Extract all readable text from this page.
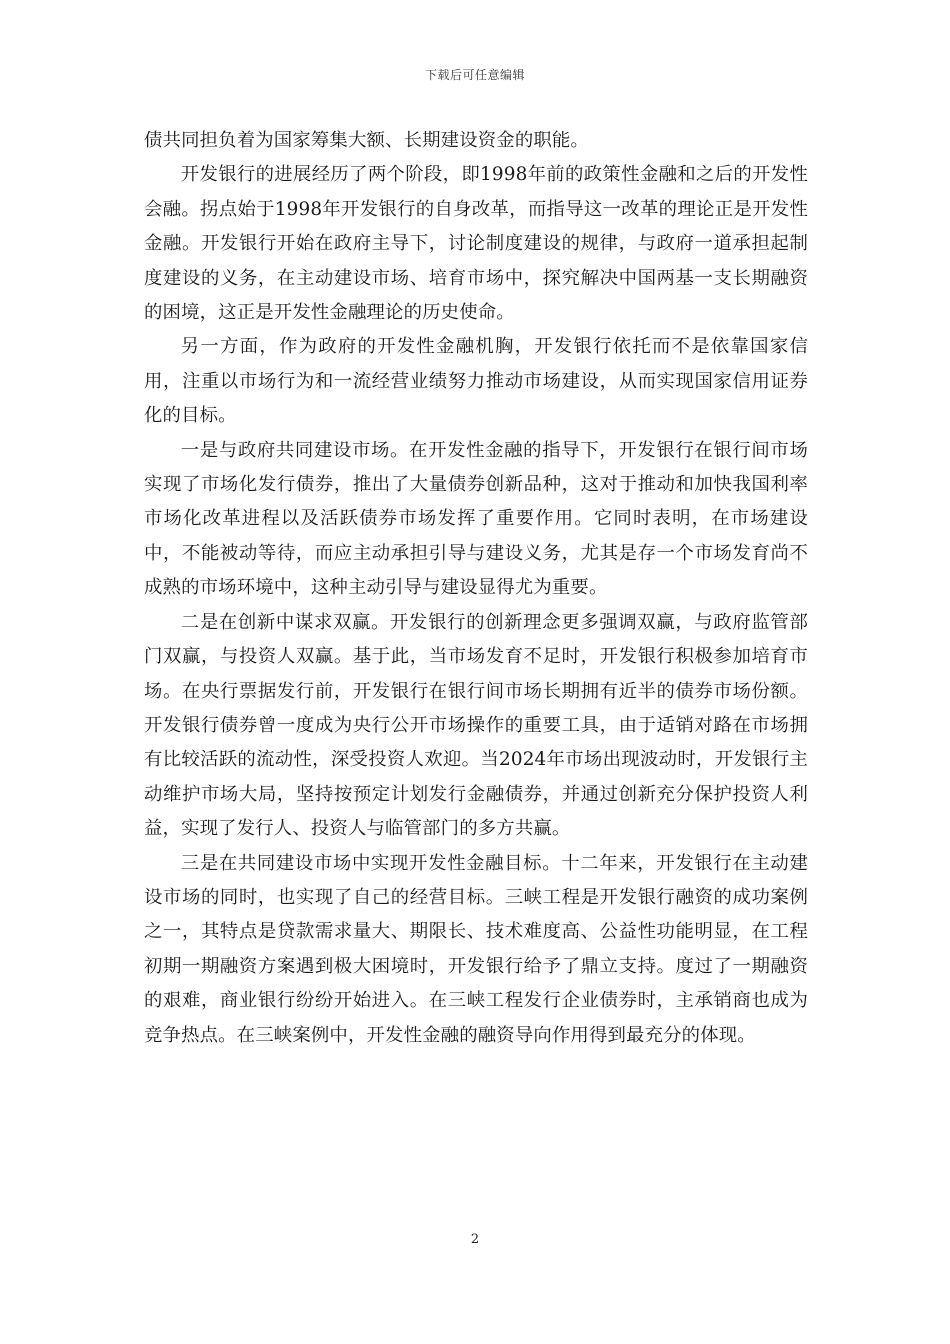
下载后可任意编辑

债共同担负着为国家筹集大额、长期建设资金的职能。

开发银行的进展经历了两个阶段，即1998年前的政策性金融和之后的开发性会融。拐点始于1998年开发银行的自身改革，而指导这一改革的理论正是开发性金融。开发银行开始在政府主导下，讨论制度建设的规律，与政府一道承担起制度建设的义务，在主动建设市场、培育市场中，探究解决中国两基一支长期融资的困境，这正是开发性金融理论的历史使命。

另一方面，作为政府的开发性金融机胸，开发银行依托而不是依靠国家信用，注重以市场行为和一流经营业绩努力推动市场建设，从而实现国家信用证券化的目标。

一是与政府共同建设市场。在开发性金融的指导下，开发银行在银行间市场实现了市场化发行债券，推出了大量债券创新品种，这对于推动和加快我国利率市场化改革进程以及活跃债券市场发挥了重要作用。它同时表明，在市场建设中，不能被动等待，而应主动承担引导与建设义务，尤其是存一个市场发育尚不成熟的市场环境中，这种主动引导与建设显得尤为重要。

二是在创新中谋求双赢。开发银行的创新理念更多强调双赢，与政府监管部门双赢，与投资人双赢。基于此，当市场发育不足时，开发银行积极参加培育市场。在央行票据发行前，开发银行在银行间市场长期拥有近半的债券市场份额。开发银行债券曾一度成为央行公开市场操作的重要工具，由于适销对路在市场拥有比较活跃的流动性，深受投资人欢迎。当2024年市场出现波动时，开发银行主动维护市场大局，坚持按预定计划发行金融债券，并通过创新充分保护投资人利益，实现了发行人、投资人与临管部门的多方共赢。

三是在共同建设市场中实现开发性金融目标。十二年来，开发银行在主动建设市场的同时，也实现了自己的经营目标。三峡工程是开发银行融资的成功案例之一，其特点是贷款需求量大、期限长、技术难度高、公益性功能明显，在工程初期一期融资方案遇到极大困境时，开发银行给予了鼎立支持。度过了一期融资的艰难，商业银行纷纷开始进入。在三峡工程发行企业债券时，主承销商也成为竞争热点。在三峡案例中，开发性金融的融资导向作用得到最充分的体现。

2
